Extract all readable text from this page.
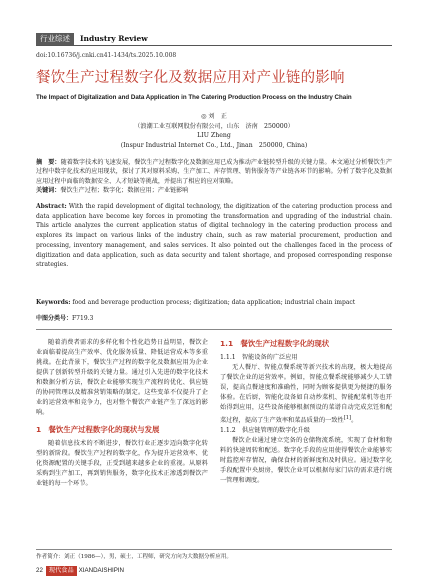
行业综述	Industry Review
doi:10.16736/j.cnki.cn41-1434/ts.2025.10.008
餐饮生产过程数字化及数据应用对产业链的影响
The Impact of Digitalization and Data Application in The Catering Production Process on the Industry Chain
◎ 刘　正
（浪潮工业互联网股份有限公司，山东　济南　250000）
LIU Zheng
(Inspur Industrial Internet Co., Ltd., Jinan　250000, China)
摘　要：随着数字技术的飞速发展，餐饮生产过程数字化及数据应用已成为推动产业链转型升级的关键力量。本文通过分析餐饮生产过程中数字化技术的应用现状，探讨了其对原料采购、生产加工、库存管理、销售服务等产业链各环节的影响。分析了数字化及数据应用过程中面临的数据安全、人才短缺等挑战，并提出了相应的应对策略。
关键词：餐饮生产过程；数字化；数据应用；产业链影响
Abstract: With the rapid development of digital technology, the digitization of the catering production process and data application have become key forces in promoting the transformation and upgrading of the industrial chain. This article analyzes the current application status of digital technology in the catering production process and explores its impact on various links of the industry chain, such as raw material procurement, production and processing, inventory management, and sales services. It also pointed out the challenges faced in the process of digitization and data application, such as data security and talent shortage, and proposed corresponding response strategies.
Keywords: food and beverage production process; digitization; data application; industrial chain impact
中图分类号：F719.3

随着消费者需求的多样化和个性化趋势日益明显，餐饮企业面临着提高生产效率、优化服务质量、降低运营成本等多重挑战。在此背景下，餐饮生产过程的数字化及数据应用为企业提供了创新转型升级的关键力量。通过引入先进的数字化技术和数据分析方法，餐饮企业能够实现生产流程的优化、供应链的协同管理以及精准营销策略的制定。这些变革不仅提升了企业的运营效率和竞争力，也对整个餐饮产业链产生了深远的影响。

1　餐饮生产过程数字化的现状与发展

随着信息技术的不断进步，餐饮行业正逐步迈向数字化转型的新阶段。餐饮生产过程的数字化，作为提升运营效率、优化资源配置的关键手段，正受到越来越多企业的重视。从原料采购到生产加工，再到销售服务，数字化技术正渗透到餐饮产业链的每一个环节。

1.1　餐饮生产过程数字化的现状
1.1.1　智能设备的广泛应用

无人餐厅、智能点餐系统等新兴技术的出现，极大地提高了餐饮企业的运营效率。例如，智能点餐系统能够减少人工错误，提高点餐速度和准确性，同时为顾客提供更为便捷的服务体验。在后厨，智能化设备如自动炒菜机、智能配菜机等也开始得到应用，这些设备能够根据预设的菜谱自动完成烹饪和配菜过程，提高了生产效率和菜品质量的一致性[1]。

1.1.2　供应链管理的数字化升级

餐饮企业通过建立完备的仓储物流系统，实现了食材和物料的快速周转和配送。数字化手段的应用使得餐饮企业能够实时监控库存情况，确保食材的新鲜度和及时供应。通过数字化手段配置中央厨房，餐饮企业可以根据每家门店的需求进行统一管理和调度。

作者简介：刘正（1986—），男，硕士，工程师，研究方向为大数据分析应用。
22 现代食品 XIANDAISHIPIN
